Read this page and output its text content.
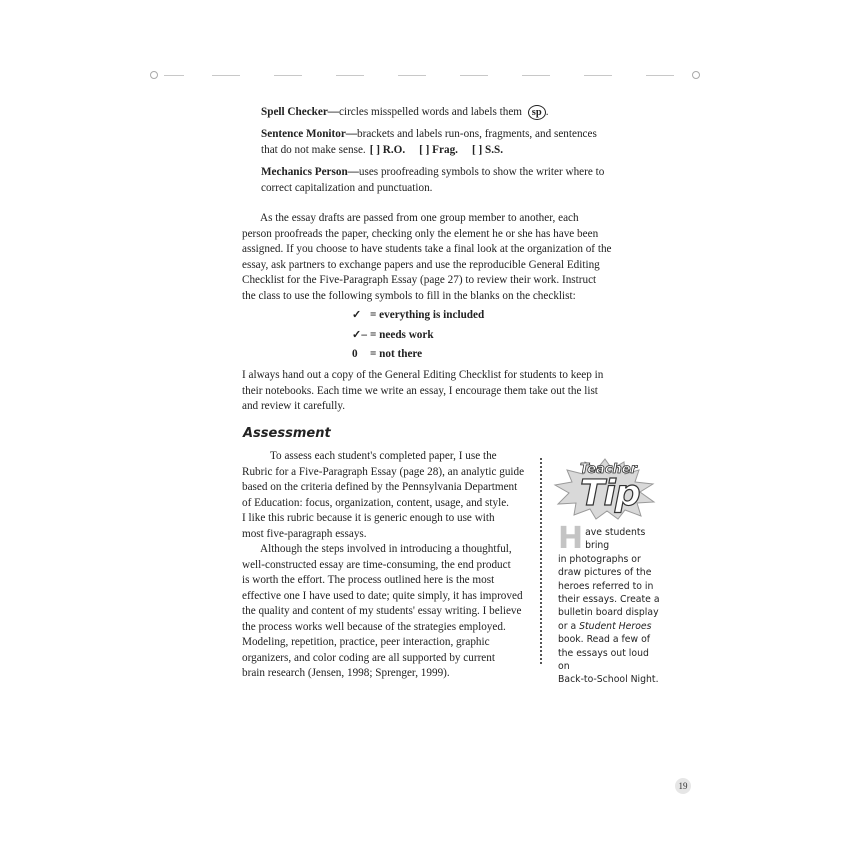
Spell Checker—circles misspelled words and labels them sp .
Sentence Monitor—brackets and labels run-ons, fragments, and sentences
that do not make sense. [ ] R.O. [ ] Frag. [ ] S.S.
Mechanics Person—uses proofreading symbols to show the writer where to
correct capitalization and punctuation.

As the essay drafts are passed from one group member to another, each

person proofreads the paper, checking only the element he or she has have been

assigned. If you choose to have students take a final look at the organization of the

essay, ask partners to exchange papers and use the reproducible General Editing

Checklist for the Five-Paragraph Essay (page 27) to review their work. Instruct

the class to use the following symbols to fill in the blanks on the checklist:

✓ = everything is included
✓– = needs work
0 = not there

I always hand out a copy of the General Editing Checklist for students to keep in

their notebooks. Each time we write an essay, I encourage them take out the list

and review it carefully.

Assessment

To assess each student's completed paper, I use the

Rubric for a Five-Paragraph Essay (page 28), an analytic guide

based on the criteria defined by the Pennsylvania Department

of Education: focus, organization, content, usage, and style.

I like this rubric because it is generic enough to use with

most five-paragraph essays.

Although the steps involved in introducing a thoughtful,

well-constructed essay are time-consuming, the end product

is worth the effort. The process outlined here is the most

effective one I have used to date; quite simply, it has improved

the quality and content of my students' essay writing. I believe

the process works well because of the strategies employed.

Modeling, repetition, practice, peer interaction, graphic

organizers, and color coding are all supported by current

brain research (Jensen, 1998; Sprenger, 1999).

Teacher
Tip
H ave students bring
in photographs or
draw pictures of the
heroes referred to in
their essays. Create a
bulletin board display
or a Student Heroes
book. Read a few of
the essays out loud on
Back-to-School Night.
19
